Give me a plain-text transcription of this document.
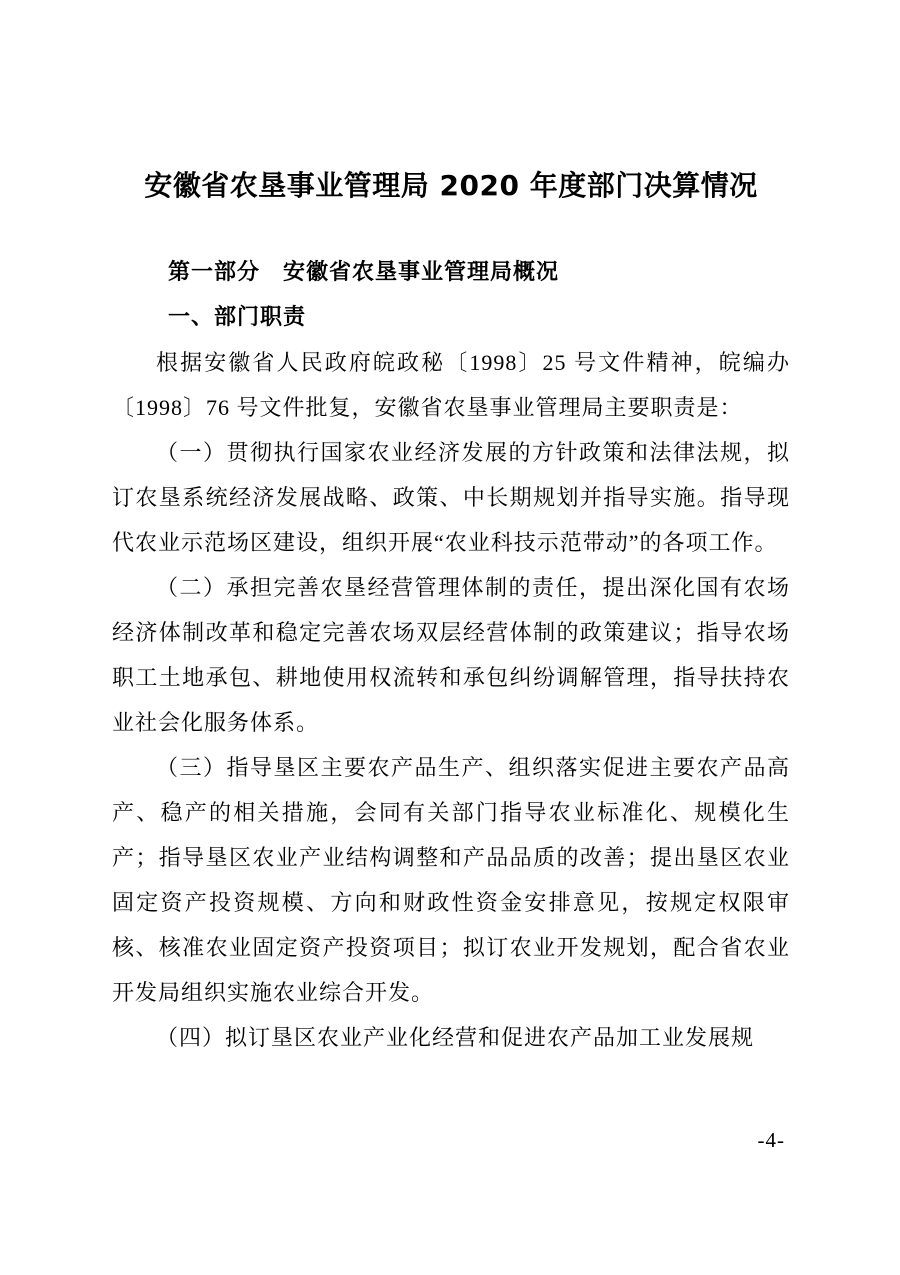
安徽省农垦事业管理局 2020 年度部门决算情况
第一部分　安徽省农垦事业管理局概况
一、部门职责

根据安徽省人民政府皖政秘〔1998〕25 号文件精神，皖编办〔1998〕76 号文件批复，安徽省农垦事业管理局主要职责是：

（一）贯彻执行国家农业经济发展的方针政策和法律法规，拟订农垦系统经济发展战略、政策、中长期规划并指导实施。指导现代农业示范场区建设，组织开展“农业科技示范带动”的各项工作。

（二）承担完善农垦经营管理体制的责任，提出深化国有农场经济体制改革和稳定完善农场双层经营体制的政策建议；指导农场职工土地承包、耕地使用权流转和承包纠纷调解管理，指导扶持农业社会化服务体系。

（三）指导垦区主要农产品生产、组织落实促进主要农产品高产、稳产的相关措施，会同有关部门指导农业标准化、规模化生产；指导垦区农业产业结构调整和产品品质的改善；提出垦区农业固定资产投资规模、方向和财政性资金安排意见，按规定权限审核、核准农业固定资产投资项目；拟订农业开发规划，配合省农业开发局组织实施农业综合开发。

（四）拟订垦区农业产业化经营和促进农产品加工业发展规

-4-
